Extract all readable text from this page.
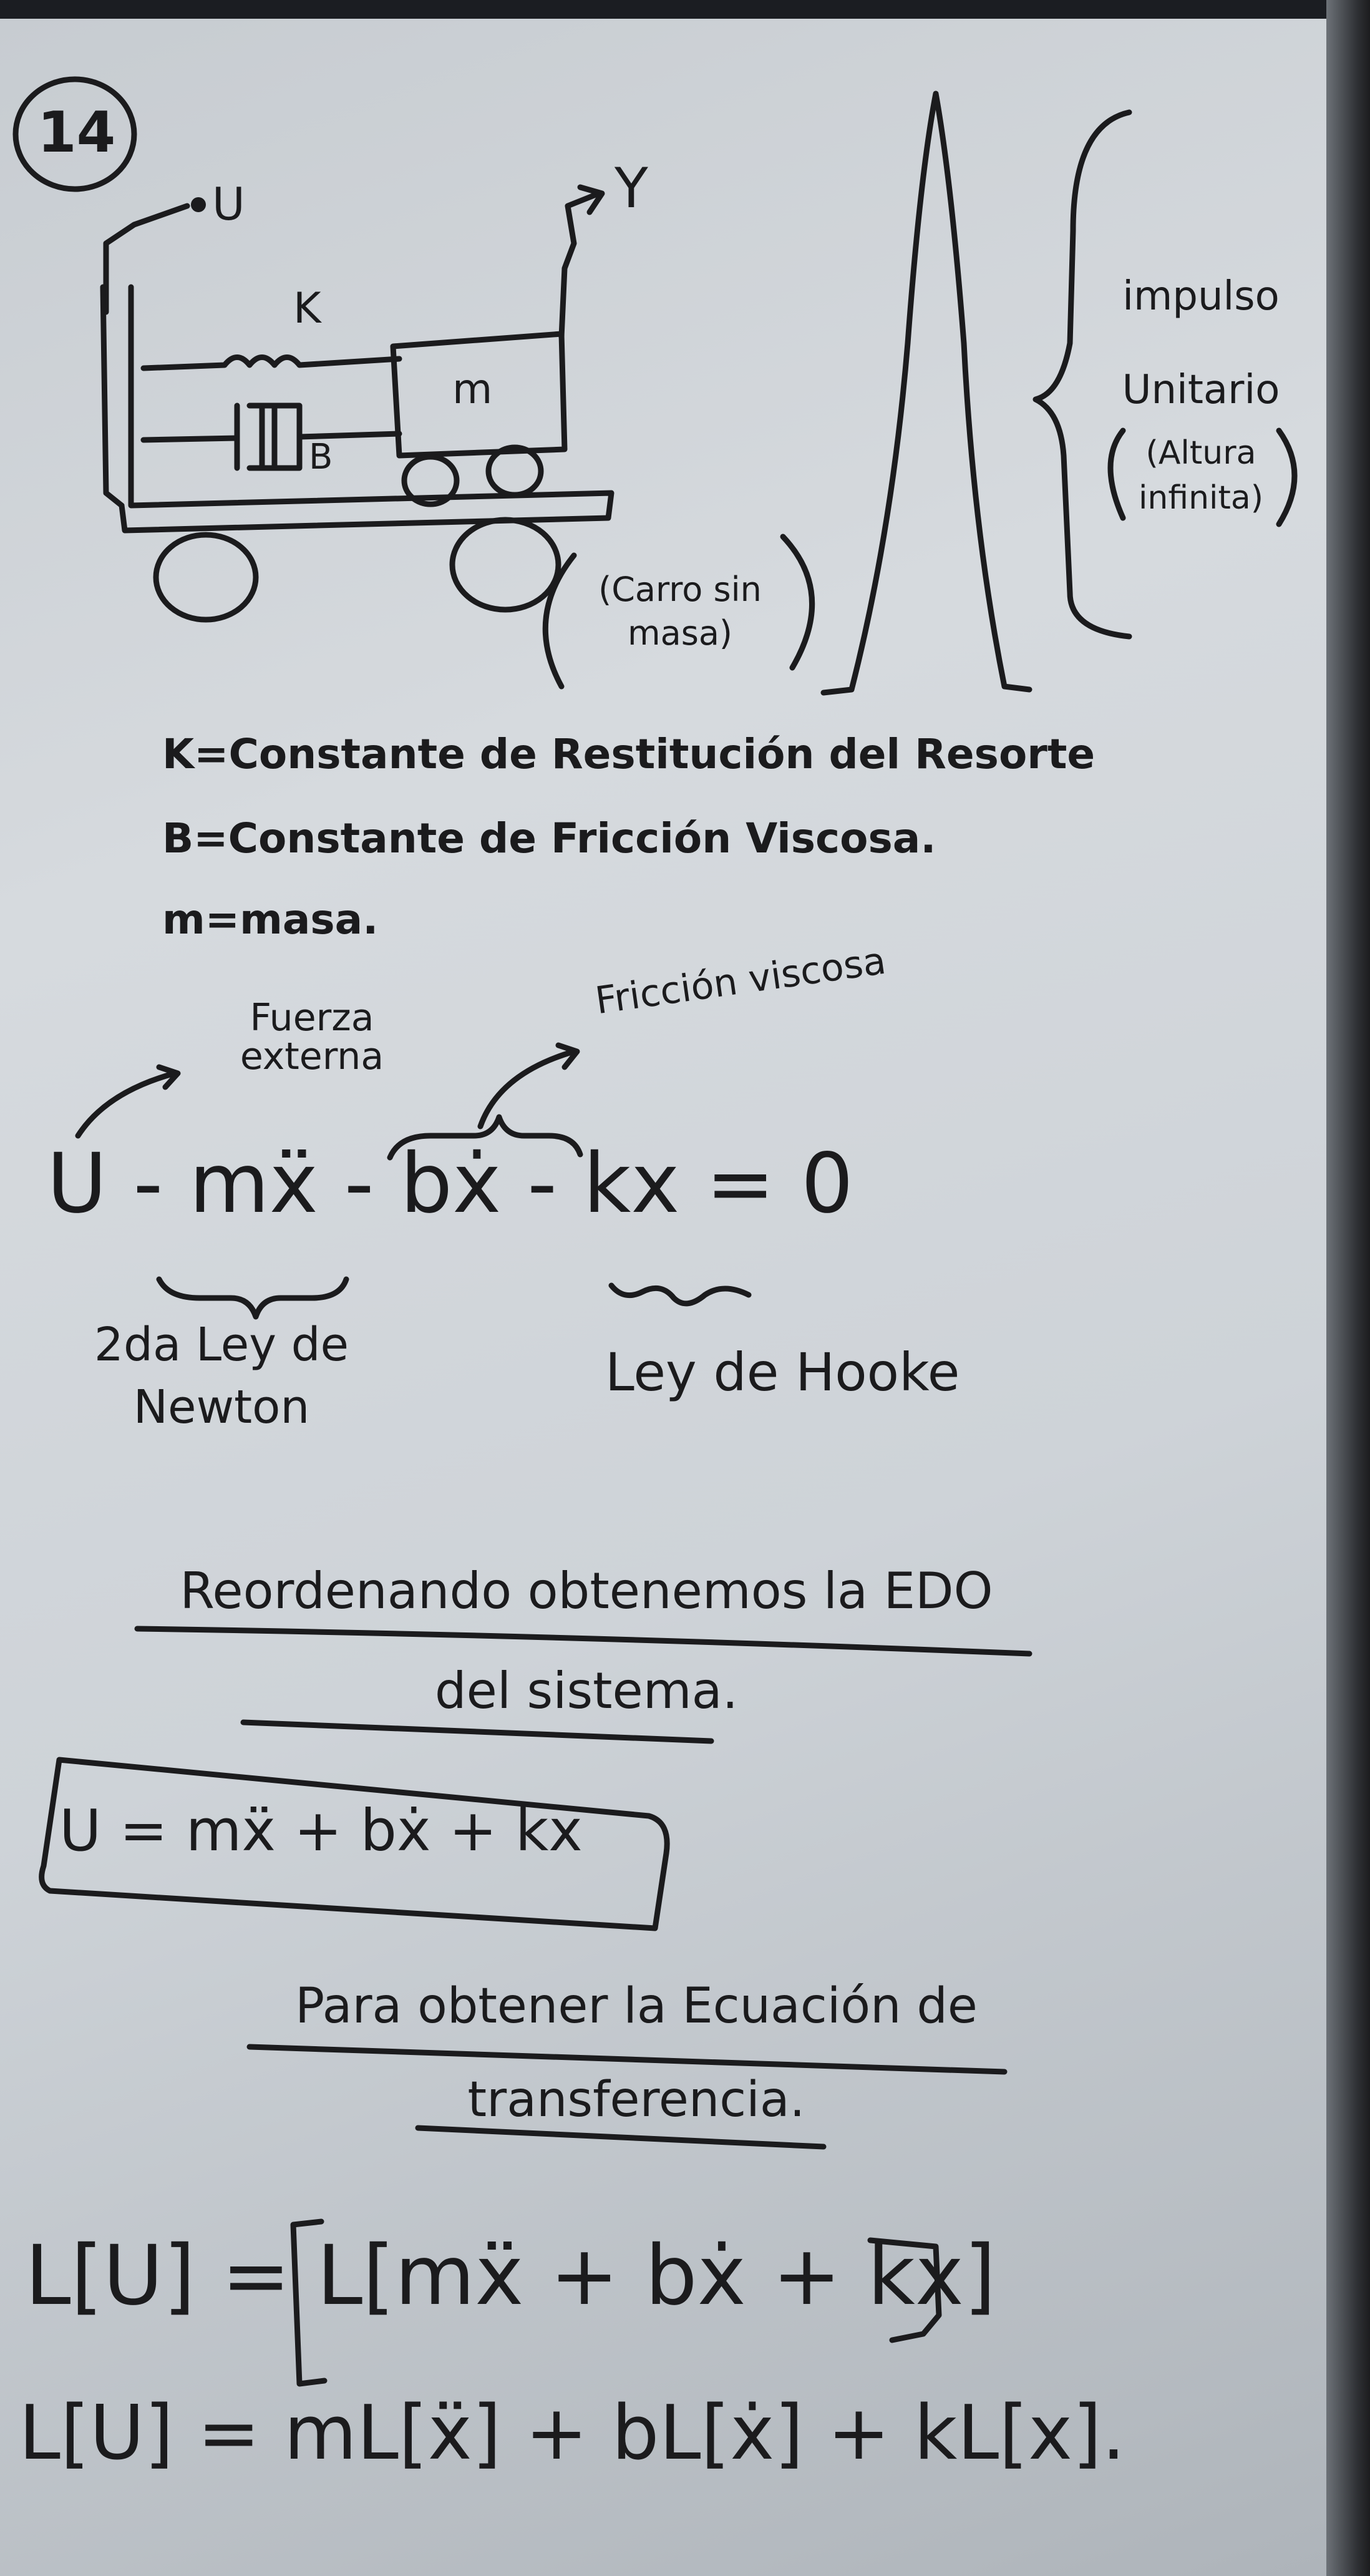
14
U	Y
K
B
m
(Carro sin masa)
impulso Unitario
(Altura infinita)
K=Constante de Restitución del Resorte
B=Constante de Fricción Viscosa.
m=masa.
Fuerza externa
Fricción viscosa
U - mẍ - bẋ - kx = 0
2da Ley de Newton
Ley de Hooke
Reordenando obtenemos la EDO del sistema.
U = mẍ + bẋ + kx
Para obtener la Ecuación de transferencia.
L[U] = L[mẍ + bẋ + kx]
L[U] = mL[ẍ] + bL[ẋ] + kL[x].
